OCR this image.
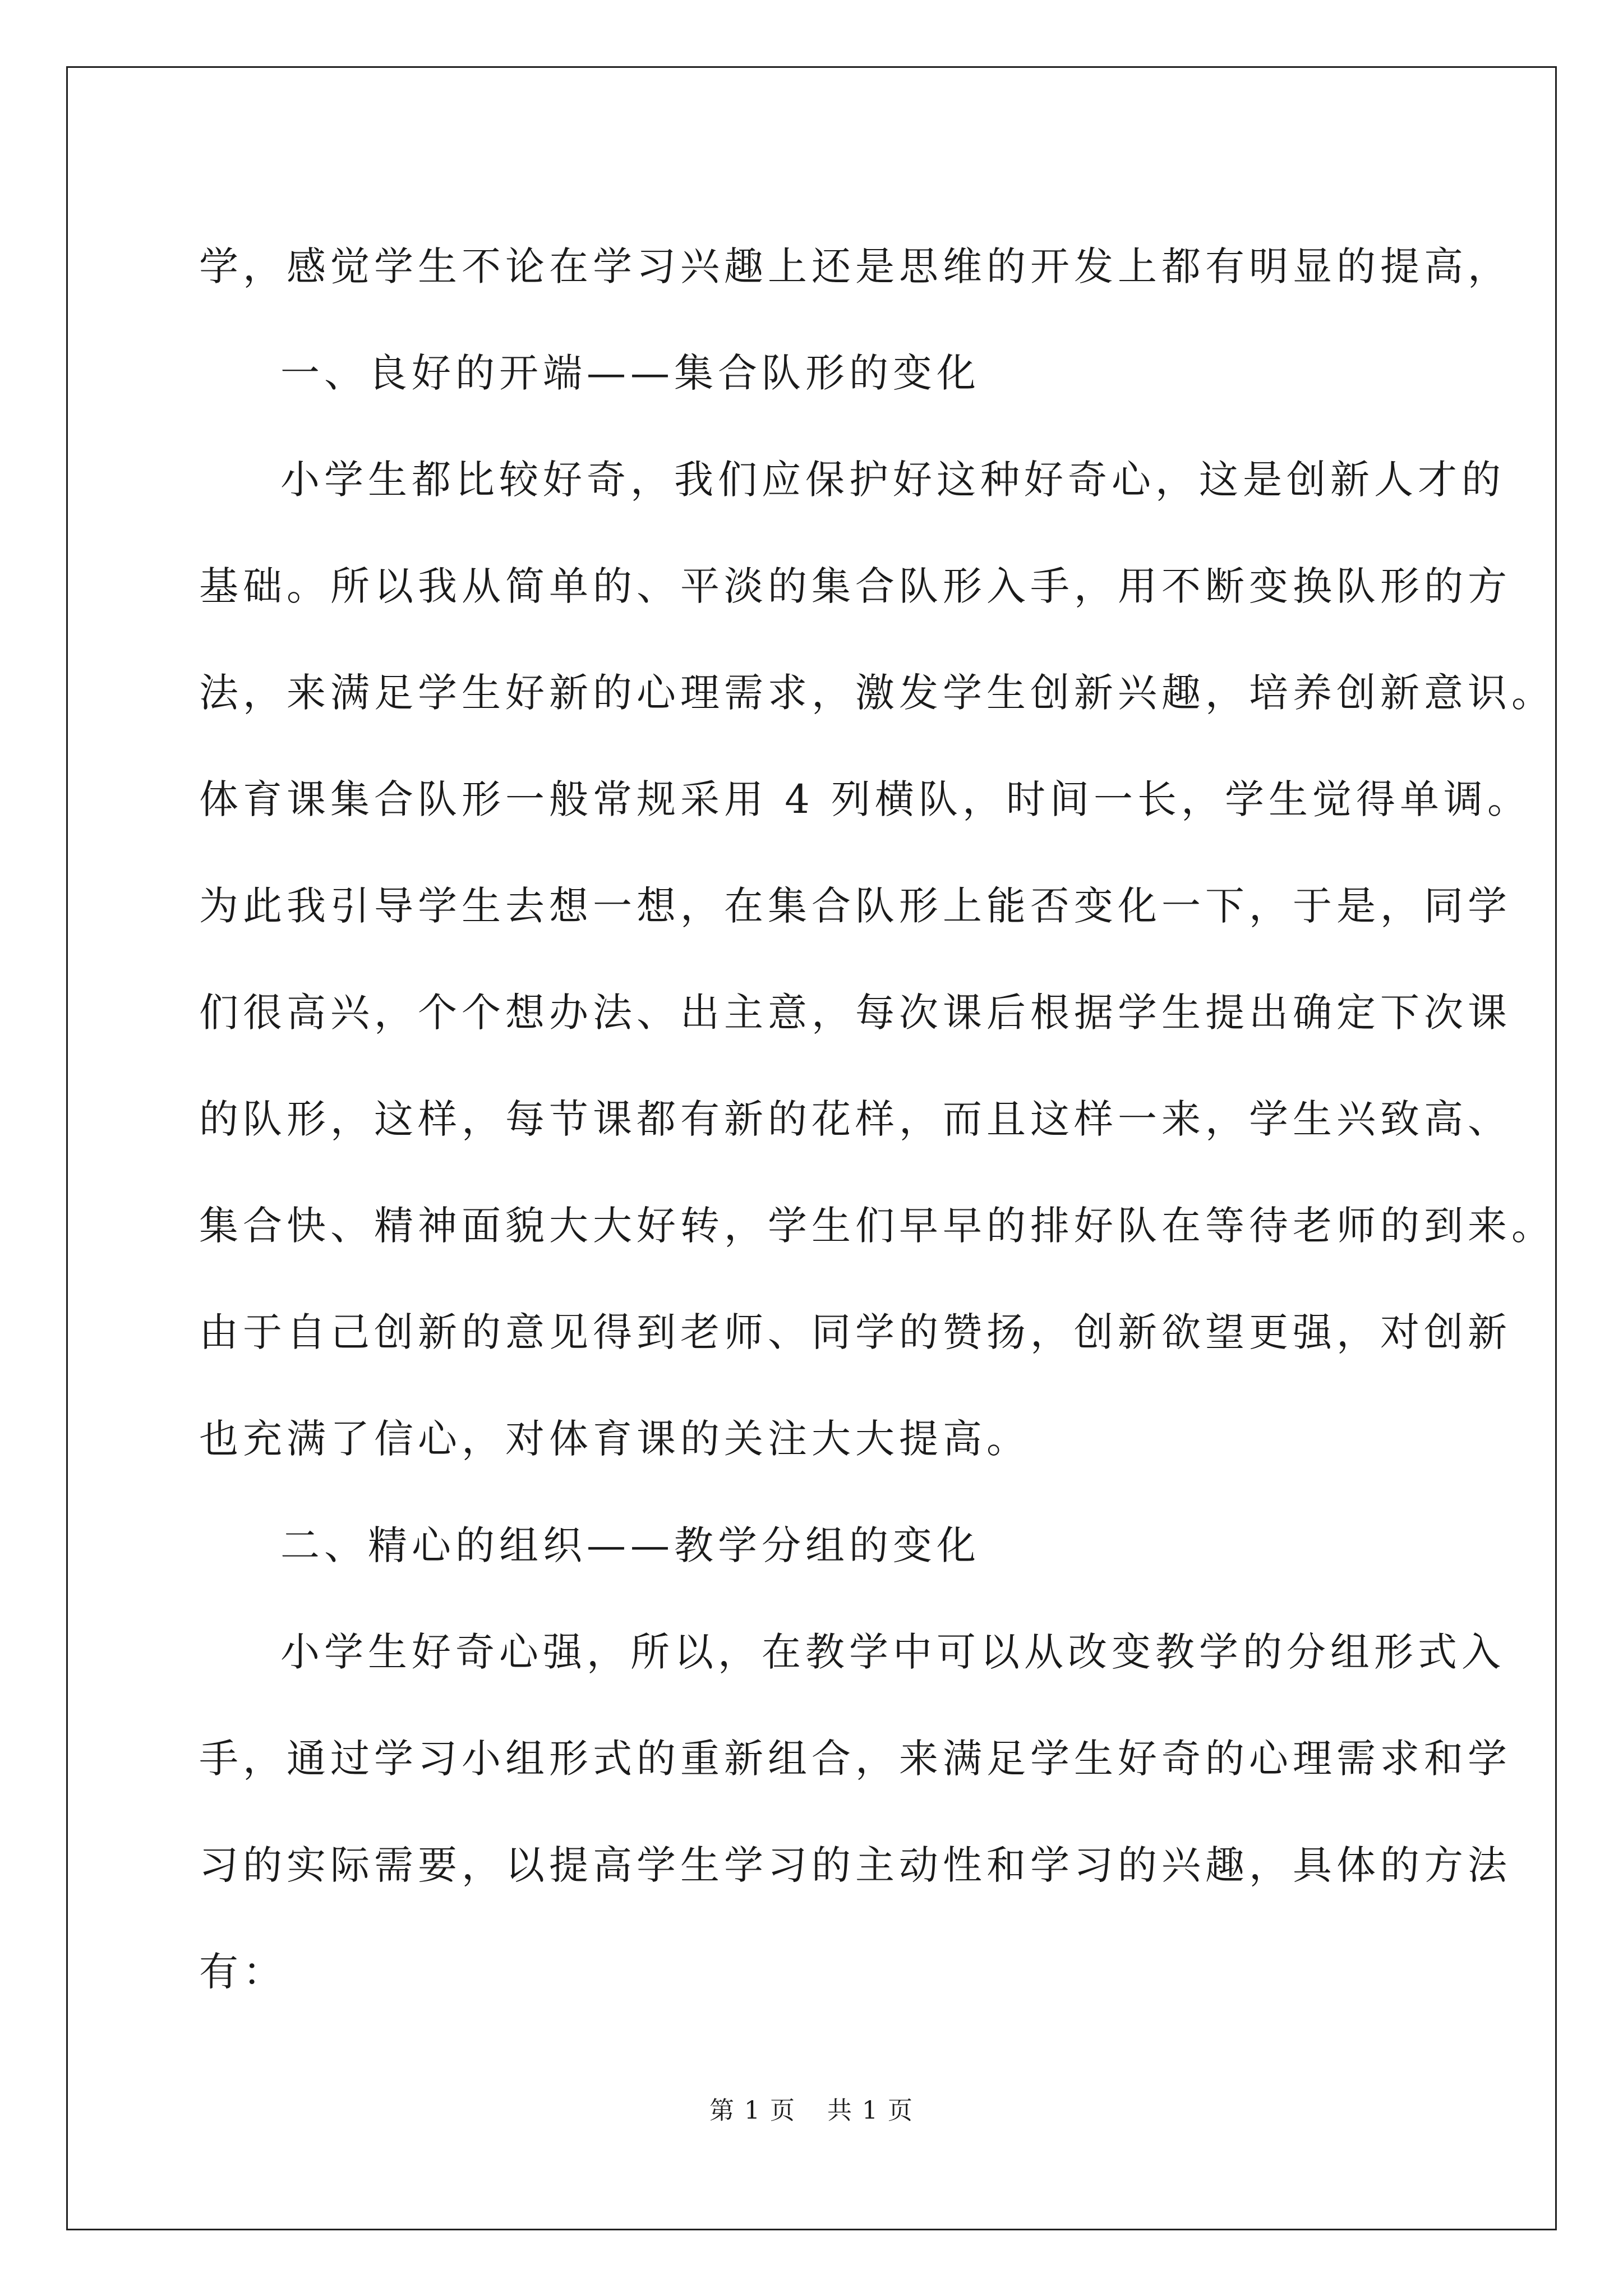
学，感觉学生不论在学习兴趣上还是思维的开发上都有明显的提高，
一、良好的开端——集合队形的变化
小学生都比较好奇，我们应保护好这种好奇心，这是创新人才的
基础。所以我从简单的、平淡的集合队形入手，用不断变换队形的方
法，来满足学生好新的心理需求，激发学生创新兴趣，培养创新意识。
体育课集合队形一般常规采用 4 列横队，时间一长，学生觉得单调。
为此我引导学生去想一想，在集合队形上能否变化一下，于是，同学
们很高兴，个个想办法、出主意，每次课后根据学生提出确定下次课
的队形，这样，每节课都有新的花样，而且这样一来，学生兴致高、
集合快、精神面貌大大好转，学生们早早的排好队在等待老师的到来。
由于自己创新的意见得到老师、同学的赞扬，创新欲望更强，对创新
也充满了信心，对体育课的关注大大提高。
二、精心的组织——教学分组的变化
小学生好奇心强，所以，在教学中可以从改变教学的分组形式入
手，通过学习小组形式的重新组合，来满足学生好奇的心理需求和学
习的实际需要，以提高学生学习的主动性和学习的兴趣，具体的方法
有：
第 1 页 共 1 页
